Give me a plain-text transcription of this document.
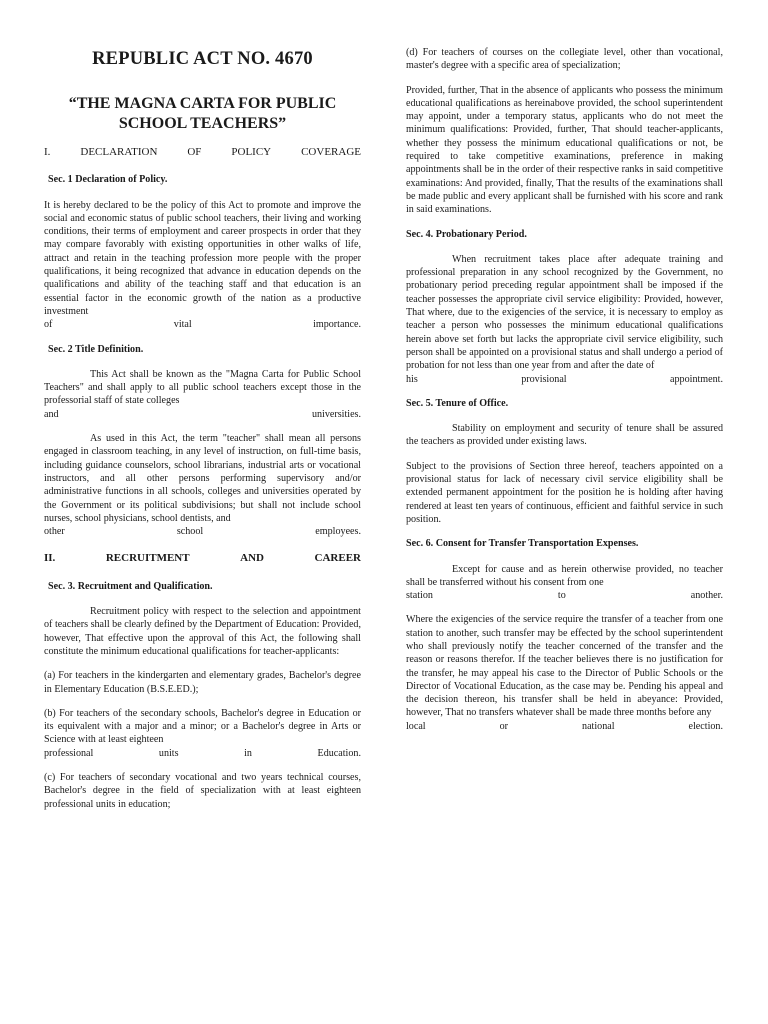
REPUBLIC ACT NO. 4670
“THE MAGNA CARTA FOR PUBLIC SCHOOL TEACHERS”
I.	DECLARATION	OF	POLICY	COVERAGE
Sec. 1 Declaration of Policy.

It is hereby declared to be the policy of this Act to promote and improve the social and economic status of public school teachers, their living and working conditions, their terms of employment and career prospects in order that they may compare favorably with existing opportunities in other walks of life, attract and retain in the teaching profession more people with the proper qualifications, it being recognized that advance in education depends on the qualifications and ability of the teaching staff and that education is an essential factor in the economic growth of the nation as a productive investment
of	vital	importance.

Sec. 2 Title Definition.

This Act shall be known as the "Magna Carta for Public School Teachers" and shall apply to all public school teachers except those in the professorial staff of state colleges
and	universities.

As used in this Act, the term "teacher" shall mean all persons engaged in classroom teaching, in any level of instruction, on full-time basis, including guidance counselors, school librarians, industrial arts or vocational instructors, and all other persons performing supervisory and/or administrative functions in all schools, colleges and universities operated by the Government or its political subdivisions; but shall not include school nurses, school physicians, school dentists, and
other	school	employees.

II.	RECRUITMENT	AND	CAREER
Sec. 3. Recruitment and Qualification.

Recruitment policy with respect to the selection and appointment of teachers shall be clearly defined by the Department of Education: Provided, however, That effective upon the approval of this Act, the following shall constitute the minimum educational qualifications for teacher-applicants:

(a) For teachers in the kindergarten and elementary grades, Bachelor's degree in Elementary Education (B.S.E.ED.);

(b) For teachers of the secondary schools, Bachelor's degree in Education or its equivalent with a major and a minor; or a Bachelor's degree in Arts or Science with at least eighteen
professional	units	in	Education.

(c) For teachers of secondary vocational and two years technical courses, Bachelor's degree in the field of specialization with at least eighteen professional units in education;

(d) For teachers of courses on the collegiate level, other than vocational, master's degree with a specific area of specialization;

Provided, further, That in the absence of applicants who possess the minimum educational qualifications as hereinabove provided, the school superintendent may appoint, under a temporary status, applicants who do not meet the minimum qualifications: Provided, further, That should teacher-applicants, whether they possess the minimum educational qualifications or not, be required to take competitive examinations, preference in making appointments shall be in the order of their respective ranks in said competitive examinations: And provided, finally, That the results of the examinations shall be made public and every applicant shall be furnished with his score and rank in said examinations.

Sec. 4. Probationary Period.

When recruitment takes place after adequate training and professional preparation in any school recognized by the Government, no probationary period preceding regular appointment shall be imposed if the teacher possesses the appropriate civil service eligibility: Provided, however, That where, due to the exigencies of the service, it is necessary to employ as teacher a person who possesses the minimum educational qualifications herein above set forth but lacks the appropriate civil service eligibility, such person shall be appointed on a provisional status and shall undergo a period of probation for not less than one year from and after the date of
his	provisional	appointment.

Sec. 5. Tenure of Office.

Stability on employment and security of tenure shall be assured the teachers as provided under existing laws.

Subject to the provisions of Section three hereof, teachers appointed on a provisional status for lack of necessary civil service eligibility shall be extended permanent appointment for the position he is holding after having rendered at least ten years of continuous, efficient and faithful service in such position.

Sec. 6. Consent for Transfer Transportation Expenses.

Except for cause and as herein otherwise provided, no teacher shall be transferred without his consent from one
station	to	another.

Where the exigencies of the service require the transfer of a teacher from one station to another, such transfer may be effected by the school superintendent who shall previously notify the teacher concerned of the transfer and the reason or reasons therefor. If the teacher believes there is no justification for the transfer, he may appeal his case to the Director of Public Schools or the Director of Vocational Education, as the case may be. Pending his appeal and the decision thereon, his transfer shall be held in abeyance: Provided, however, That no transfers whatever shall be made three months before any
local	or	national	election.
